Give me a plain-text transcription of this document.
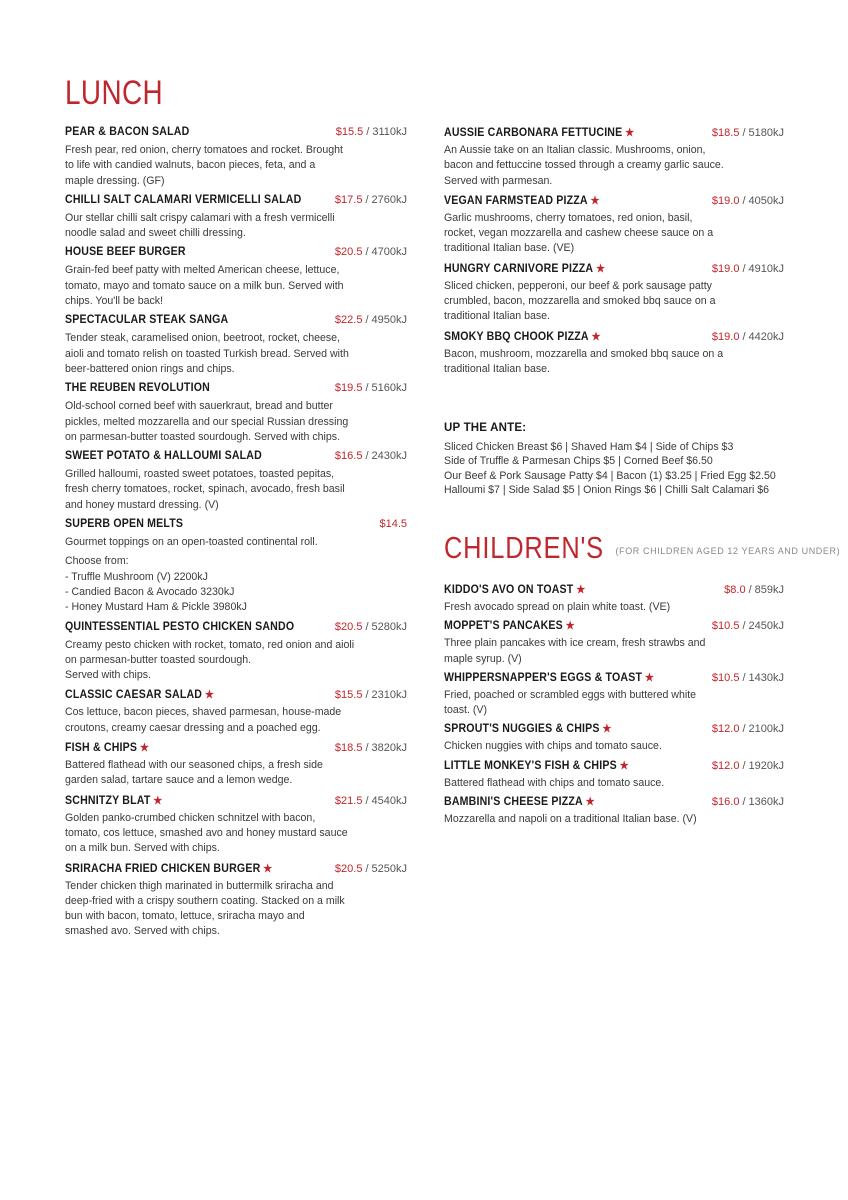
LUNCH
PEAR & BACON SALAD	$15.5 / 3110kJ
Fresh pear, red onion, cherry tomatoes and rocket. Brought
to life with candied walnuts, bacon pieces, feta, and a
maple dressing. (GF)
CHILLI SALT CALAMARI VERMICELLI SALAD	$17.5 / 2760kJ
Our stellar chilli salt crispy calamari with a fresh vermicelli
noodle salad and sweet chilli dressing.
HOUSE BEEF BURGER	$20.5 / 4700kJ
Grain-fed beef patty with melted American cheese, lettuce,
tomato, mayo and tomato sauce on a milk bun. Served with
chips. You'll be back!
SPECTACULAR STEAK SANGA	$22.5 / 4950kJ
Tender steak, caramelised onion, beetroot, rocket, cheese,
aioli and tomato relish on toasted Turkish bread. Served with
beer-battered onion rings and chips.
THE REUBEN REVOLUTION	$19.5 / 5160kJ
Old-school corned beef with sauerkraut, bread and butter
pickles, melted mozzarella and our special Russian dressing
on parmesan-butter toasted sourdough. Served with chips.
SWEET POTATO & HALLOUMI SALAD	$16.5 / 2430kJ
Grilled halloumi, roasted sweet potatoes, toasted pepitas,
fresh cherry tomatoes, rocket, spinach, avocado, fresh basil
and honey mustard dressing. (V)
SUPERB OPEN MELTS	$14.5
Gourmet toppings on an open-toasted continental roll.
Choose from:
- Truffle Mushroom (V) 2200kJ
- Candied Bacon & Avocado 3230kJ
- Honey Mustard Ham & Pickle 3980kJ
QUINTESSENTIAL PESTO CHICKEN SANDO	$20.5 / 5280kJ
Creamy pesto chicken with rocket, tomato, red onion and aioli
on parmesan-butter toasted sourdough.
Served with chips.
CLASSIC CAESAR SALAD ★	$15.5 / 2310kJ
Cos lettuce, bacon pieces, shaved parmesan, house-made
croutons, creamy caesar dressing and a poached egg.
FISH & CHIPS ★	$18.5 / 3820kJ
Battered flathead with our seasoned chips, a fresh side
garden salad, tartare sauce and a lemon wedge.
SCHNITZY BLAT ★	$21.5 / 4540kJ
Golden panko-crumbed chicken schnitzel with bacon,
tomato, cos lettuce, smashed avo and honey mustard sauce
on a milk bun. Served with chips.
SRIRACHA FRIED CHICKEN BURGER ★	$20.5 / 5250kJ
Tender chicken thigh marinated in buttermilk sriracha and
deep-fried with a crispy southern coating. Stacked on a milk
bun with bacon, tomato, lettuce, sriracha mayo and
smashed avo. Served with chips.
AUSSIE CARBONARA FETTUCINE ★	$18.5 / 5180kJ
An Aussie take on an Italian classic. Mushrooms, onion,
bacon and fettuccine tossed through a creamy garlic sauce.
Served with parmesan.
VEGAN FARMSTEAD PIZZA ★	$19.0 / 4050kJ
Garlic mushrooms, cherry tomatoes, red onion, basil,
rocket, vegan mozzarella and cashew cheese sauce on a
traditional Italian base. (VE)
HUNGRY CARNIVORE PIZZA ★	$19.0 / 4910kJ
Sliced chicken, pepperoni, our beef & pork sausage patty
crumbled, bacon, mozzarella and smoked bbq sauce on a
traditional Italian base.
SMOKY BBQ CHOOK PIZZA ★	$19.0 / 4420kJ
Bacon, mushroom, mozzarella and smoked bbq sauce on a
traditional Italian base.
UP THE ANTE:
Sliced Chicken Breast $6 | Shaved Ham $4 | Side of Chips $3
Side of Truffle & Parmesan Chips $5 | Corned Beef $6.50
Our Beef & Pork Sausage Patty $4 | Bacon (1) $3.25 | Fried Egg $2.50
Halloumi $7 | Side Salad $5 | Onion Rings $6 | Chilli Salt Calamari $6
CHILDREN'S $^{(FOR CHILDREN AGED 12 YEARS AND UNDER)}$
KIDDO'S AVO ON TOAST ★	$8.0 / 859kJ
Fresh avocado spread on plain white toast. (VE)
MOPPET'S PANCAKES ★	$10.5 / 2450kJ
Three plain pancakes with ice cream, fresh strawbs and
maple syrup. (V)
WHIPPERSNAPPER'S EGGS & TOAST ★	$10.5 / 1430kJ
Fried, poached or scrambled eggs with buttered white
toast. (V)
SPROUT'S NUGGIES & CHIPS ★	$12.0 / 2100kJ
Chicken nuggies with chips and tomato sauce.
LITTLE MONKEY'S FISH & CHIPS ★	$12.0 / 1920kJ
Battered flathead with chips and tomato sauce.
BAMBINI'S CHEESE PIZZA ★	$16.0 / 1360kJ
Mozzarella and napoli on a traditional Italian base. (V)
